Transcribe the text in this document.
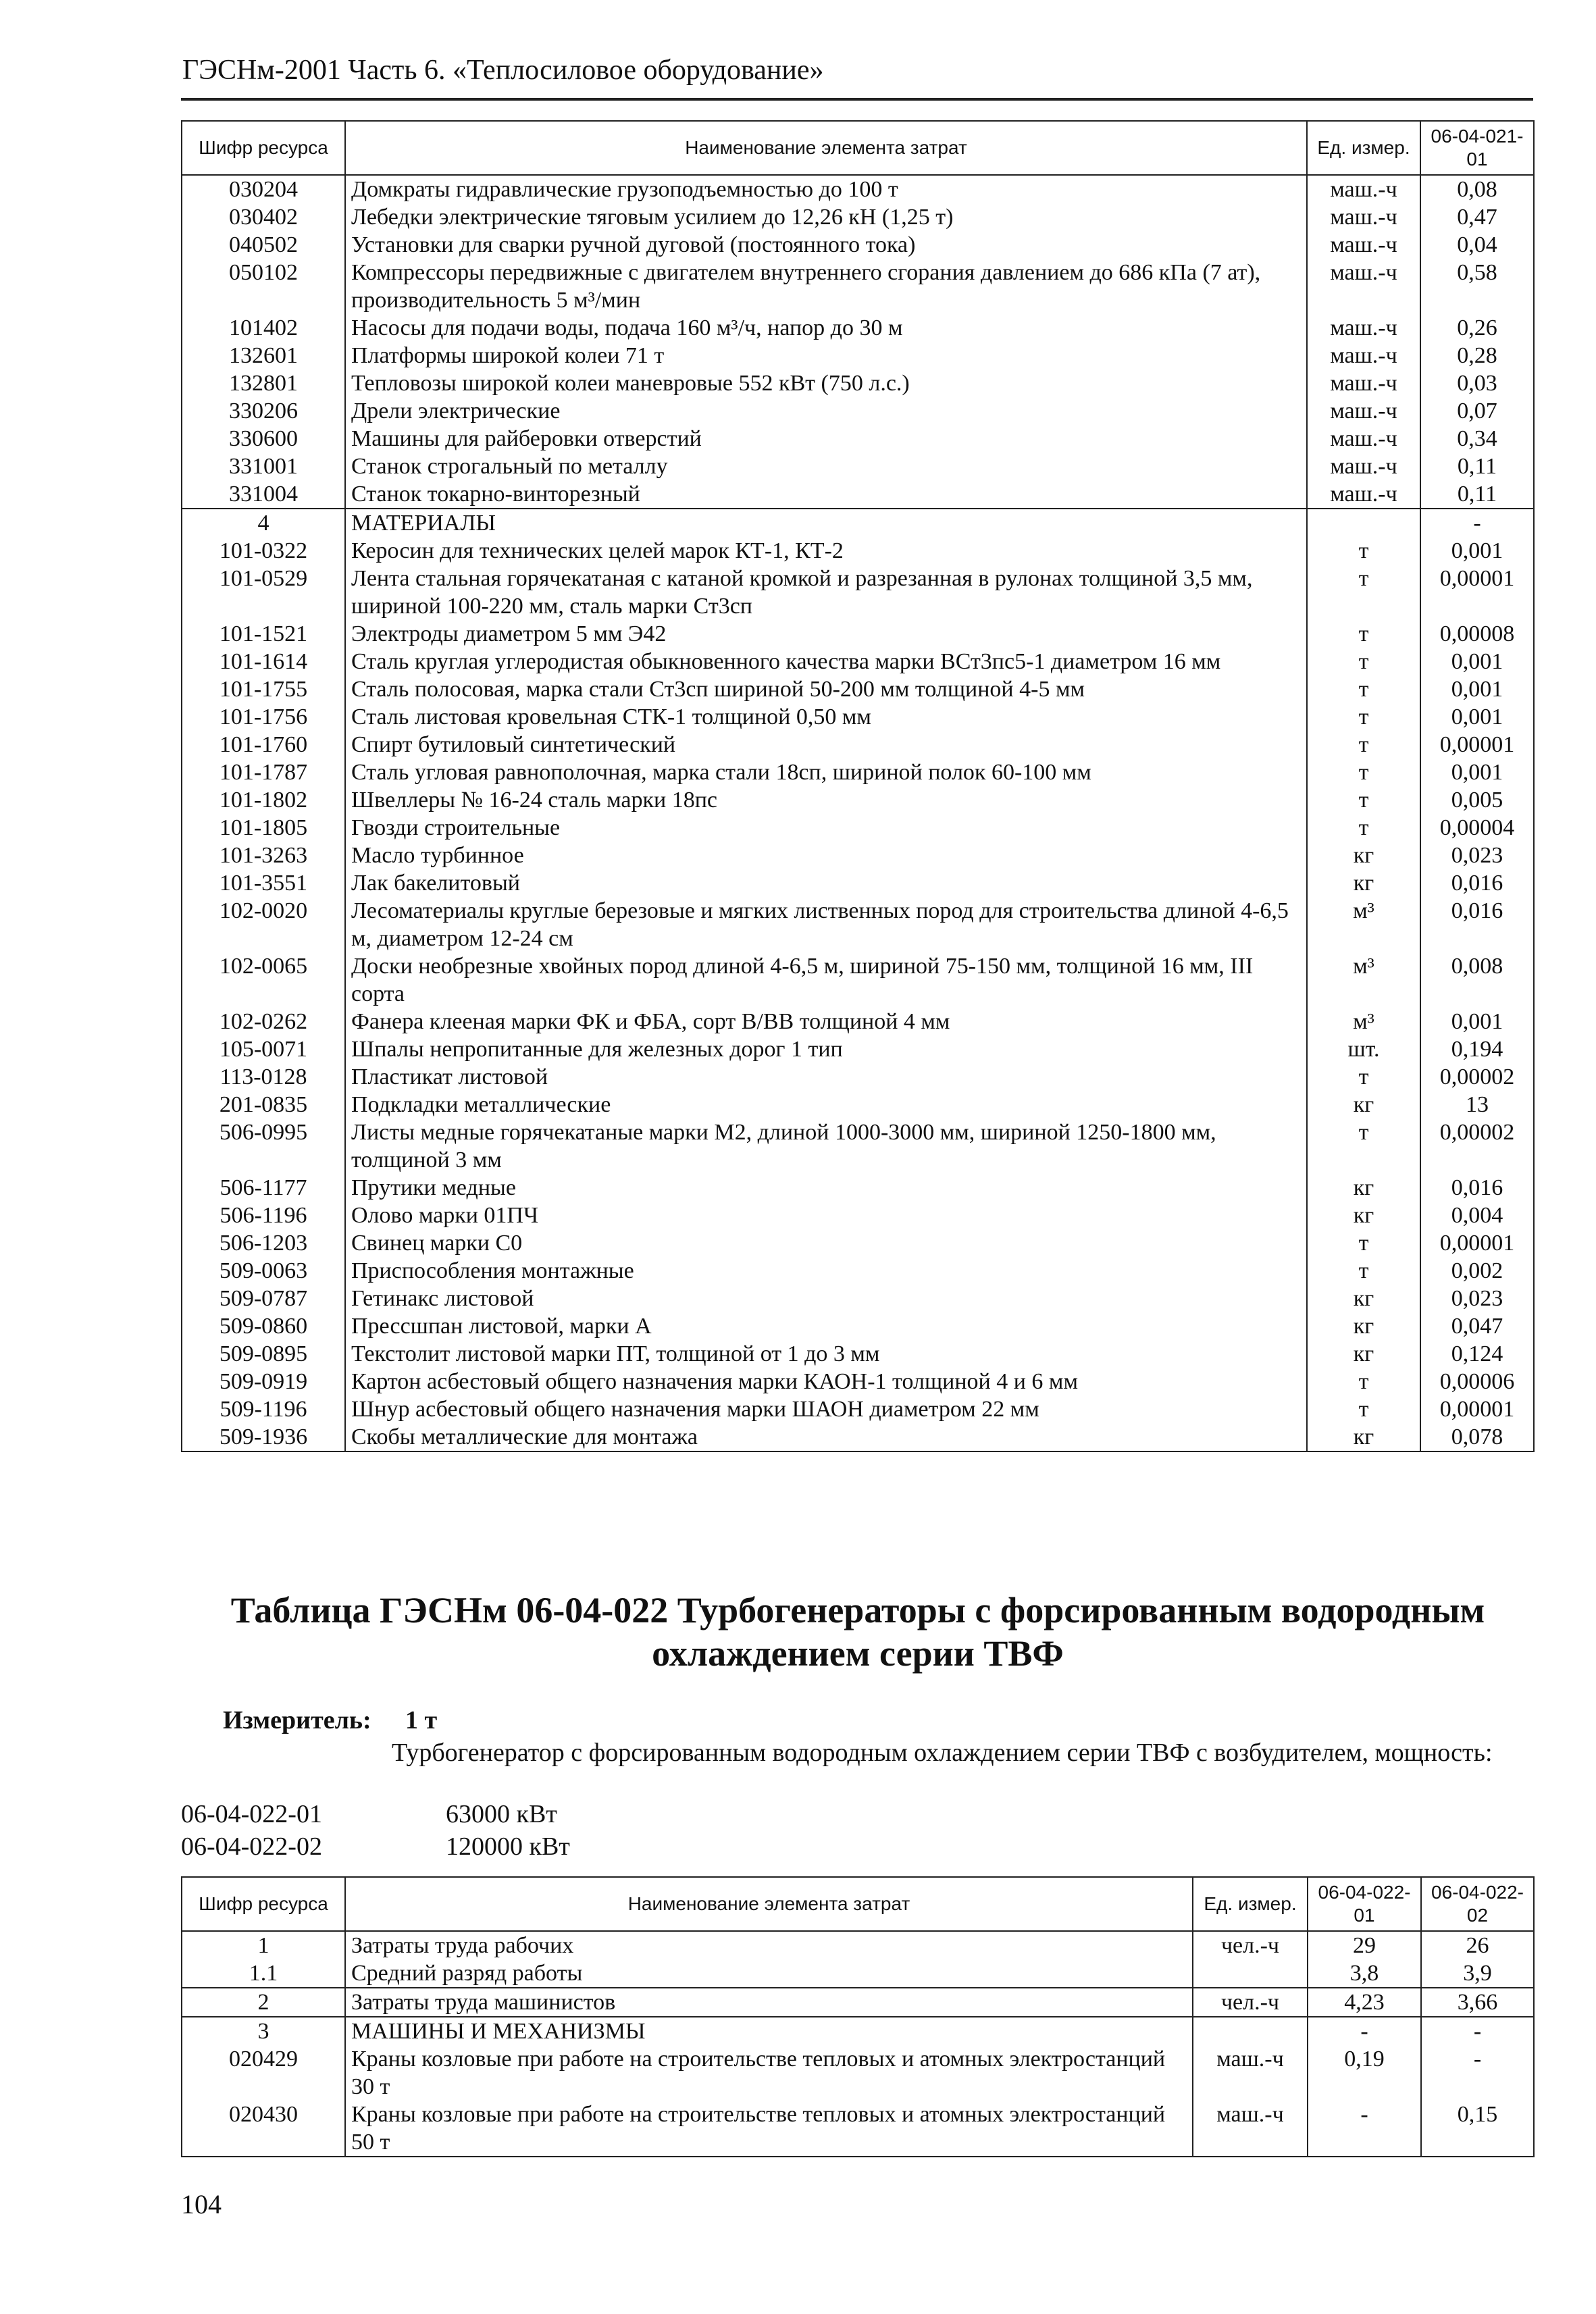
ГЭСНм-2001 Часть 6. «Теплосиловое оборудование»
Шифр ресурса	Наименование элемента затрат	Ед. измер.	06-04-021-01
030204	Домкраты гидравлические грузоподъемностью до 100 т	маш.-ч	0,08
030402	Лебедки электрические тяговым усилием до 12,26 кН (1,25 т)	маш.-ч	0,47
040502	Установки для сварки ручной дуговой (постоянного тока)	маш.-ч	0,04
050102	Компрессоры передвижные с двигателем внутреннего сгорания давлением до 686 кПа (7 ат), производительность 5 м³/мин	маш.-ч	0,58
101402	Насосы для подачи воды, подача 160 м³/ч, напор до 30 м	маш.-ч	0,26
132601	Платформы широкой колеи 71 т	маш.-ч	0,28
132801	Тепловозы широкой колеи маневровые 552 кВт (750 л.с.)	маш.-ч	0,03
330206	Дрели электрические	маш.-ч	0,07
330600	Машины для райберовки отверстий	маш.-ч	0,34
331001	Станок строгальный по металлу	маш.-ч	0,11
331004	Станок токарно-винторезный	маш.-ч	0,11
4	МАТЕРИАЛЫ		-
101-0322	Керосин для технических целей марок КТ-1, КТ-2	т	0,001
101-0529	Лента стальная горячекатаная с катаной кромкой и разрезанная в рулонах толщиной 3,5 мм, шириной 100-220 мм, сталь марки Ст3сп	т	0,00001
101-1521	Электроды диаметром 5 мм Э42	т	0,00008
101-1614	Сталь круглая углеродистая обыкновенного качества марки ВСт3пс5-1 диаметром 16 мм	т	0,001
101-1755	Сталь полосовая, марка стали Ст3сп шириной 50-200 мм толщиной 4-5 мм	т	0,001
101-1756	Сталь листовая кровельная СТК-1 толщиной 0,50 мм	т	0,001
101-1760	Спирт бутиловый синтетический	т	0,00001
101-1787	Сталь угловая равнополочная, марка стали 18сп, шириной полок 60-100 мм	т	0,001
101-1802	Швеллеры № 16-24 сталь марки 18пс	т	0,005
101-1805	Гвозди строительные	т	0,00004
101-3263	Масло турбинное	кг	0,023
101-3551	Лак бакелитовый	кг	0,016
102-0020	Лесоматериалы круглые березовые и мягких лиственных пород для строительства длиной 4-6,5 м, диаметром 12-24 см	м³	0,016
102-0065	Доски необрезные хвойных пород длиной 4-6,5 м, шириной 75-150 мм, толщиной 16 мм, III сорта	м³	0,008
102-0262	Фанера клееная марки ФК и ФБА, сорт В/ВВ толщиной 4 мм	м³	0,001
105-0071	Шпалы непропитанные для железных дорог 1 тип	шт.	0,194
113-0128	Пластикат листовой	т	0,00002
201-0835	Подкладки металлические	кг	13
506-0995	Листы медные горячекатаные марки М2, длиной 1000-3000 мм, шириной 1250-1800 мм, толщиной 3 мм	т	0,00002
506-1177	Прутики медные	кг	0,016
506-1196	Олово марки 01ПЧ	кг	0,004
506-1203	Свинец марки С0	т	0,00001
509-0063	Приспособления монтажные	т	0,002
509-0787	Гетинакс листовой	кг	0,023
509-0860	Прессшпан листовой, марки А	кг	0,047
509-0895	Текстолит листовой марки ПТ, толщиной от 1 до 3 мм	кг	0,124
509-0919	Картон асбестовый общего назначения марки КАОН-1 толщиной 4 и 6 мм	т	0,00006
509-1196	Шнур асбестовый общего назначения марки ШАОН диаметром 22 мм	т	0,00001
509-1936	Скобы металлические для монтажа	кг	0,078
Таблица ГЭСНм 06-04-022 Турбогенераторы с форсированным водородным охлаждением серии ТВФ
Измеритель: 1 т
Турбогенератор с форсированным водородным охлаждением серии ТВФ с возбудителем, мощность:
06-04-022-01	63000 кВт
06-04-022-02	120000 кВт
Шифр ресурса	Наименование элемента затрат	Ед. измер.	06-04-022-01	06-04-022-02
1	Затраты труда рабочих	чел.-ч	29	26
1.1	Средний разряд работы		3,8	3,9
2	Затраты труда машинистов	чел.-ч	4,23	3,66
3	МАШИНЫ И МЕХАНИЗМЫ		-	-
020429	Краны козловые при работе на строительстве тепловых и атомных электростанций 30 т	маш.-ч	0,19	-
020430	Краны козловые при работе на строительстве тепловых и атомных электростанций 50 т	маш.-ч	-	0,15
104
